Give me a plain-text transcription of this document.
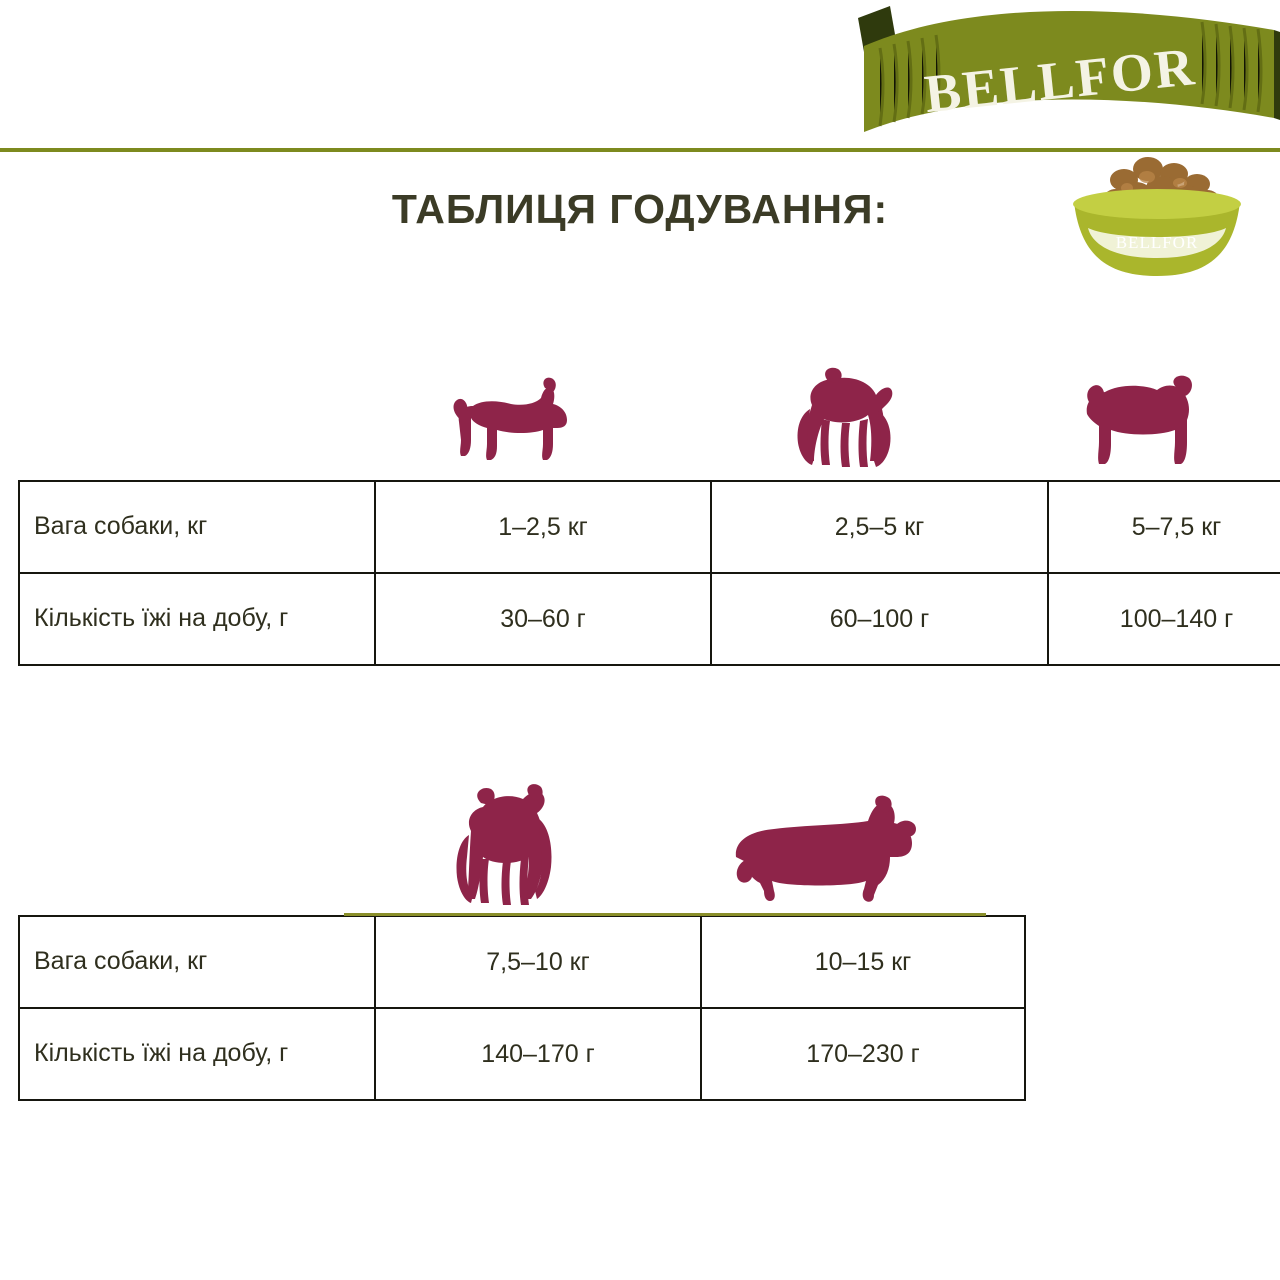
BELLFOR
ТАБЛИЦЯ ГОДУВАННЯ:
BELLFOR
Вага собаки, кг	1–2,5 кг	2,5–5 кг	5–7,5 кг
Кількість їжі на добу, г	30–60 г	60–100 г	100–140 г
Вага собаки, кг	7,5–10 кг	10–15 кг
Кількість їжі на добу, г	140–170 г	170–230 г
